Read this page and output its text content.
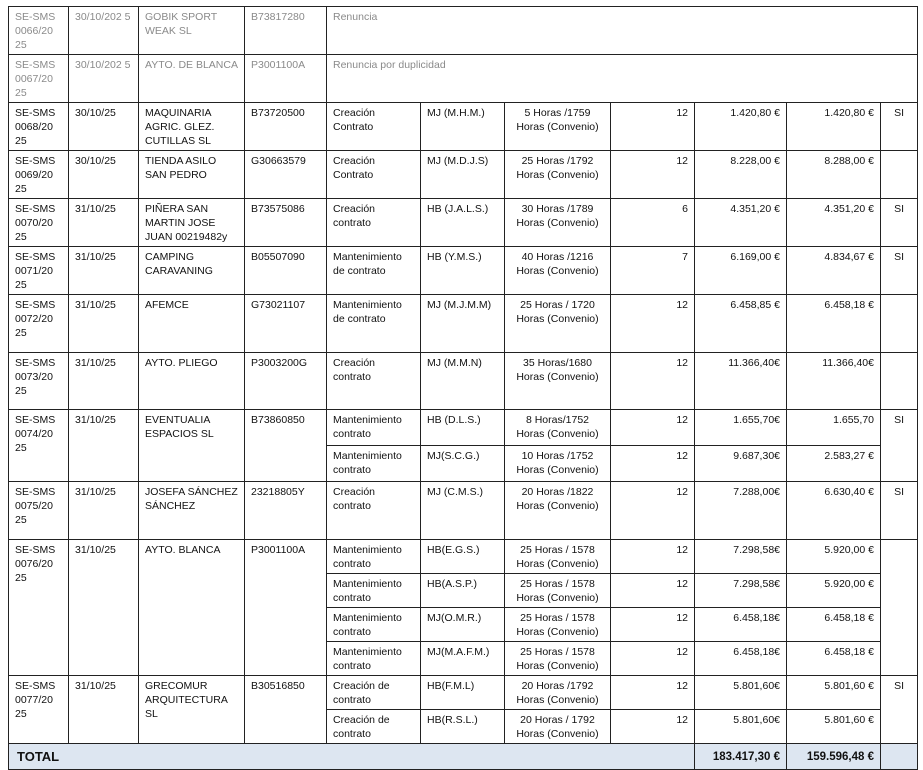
SE-SMS 0066/20 25	30/10/202 5	GOBIK SPORT WEAK SL	B73817280	Renuncia						
SE-SMS 0067/20 25	30/10/202 5	AYTO. DE BLANCA	P3001100A	Renuncia por duplicidad						
SE-SMS 0068/20 25	30/10/25	MAQUINARIA AGRIC. GLEZ. CUTILLAS SL	B73720500	Creación Contrato	MJ (M.H.M.)	5 Horas /1759 Horas (Convenio)	12	1.420,80 €	1.420,80 €	SI
SE-SMS 0069/20 25	30/10/25	TIENDA ASILO SAN PEDRO	G30663579	Creación Contrato	MJ (M.D.J.S)	25 Horas /1792 Horas (Convenio)	12	8.228,00 €	8.288,00 €	
SE-SMS 0070/20 25	31/10/25	PIÑERA SAN MARTIN JOSE JUAN 00219482y	B73575086	Creación contrato	HB (J.A.L.S.)	30 Horas /1789 Horas (Convenio)	6	4.351,20 €	4.351,20 €	SI
SE-SMS 0071/20 25	31/10/25	CAMPING CARAVANING	B05507090	Mantenimiento de contrato	HB (Y.M.S.)	40 Horas /1216 Horas (Convenio)	7	6.169,00 €	4.834,67 €	SI
SE-SMS 0072/20 25	31/10/25	AFEMCE	G73021107	Mantenimiento de contrato	MJ (M.J.M.M)	25 Horas / 1720 Horas (Convenio)	12	6.458,85 €	6.458,18 €	
SE-SMS 0073/20 25	31/10/25	AYTO. PLIEGO	P3003200G	Creación contrato	MJ (M.M.N)	35 Horas/1680 Horas (Convenio)	12	11.366,40€	11.366,40€	
SE-SMS 0074/20 25	31/10/25	EVENTUALIA ESPACIOS SL	B73860850	Mantenimiento contrato	HB (D.L.S.)	8 Horas/1752 Horas (Convenio)	12	1.655,70€	1.655,70	SI
				Mantenimiento contrato	MJ(S.C.G.)	10 Horas /1752 Horas (Convenio)	12	9.687,30€	2.583,27 €	
SE-SMS 0075/20 25	31/10/25	JOSEFA SÁNCHEZ SÁNCHEZ	23218805Y	Creación contrato	MJ (C.M.S.)	20 Horas /1822 Horas (Convenio)	12	7.288,00€	6.630,40 €	SI
SE-SMS 0076/20 25	31/10/25	AYTO. BLANCA	P3001100A	Mantenimiento contrato	HB(E.G.S.)	25 Horas / 1578 Horas (Convenio)	12	7.298,58€	5.920,00 €	
				Mantenimiento contrato	HB(A.S.P.)	25 Horas / 1578 Horas (Convenio)	12	7.298,58€	5.920,00 €	
				Mantenimiento contrato	MJ(O.M.R.)	25 Horas / 1578 Horas (Convenio)	12	6.458,18€	6.458,18 €	
				Mantenimiento contrato	MJ(M.A.F.M.)	25 Horas / 1578 Horas (Convenio)	12	6.458,18€	6.458,18 €	
SE-SMS 0077/20 25	31/10/25	GRECOMUR ARQUITECTURA SL	B30516850	Creación de contrato	HB(F.M.L)	20 Horas /1792 Horas (Convenio)	12	5.801,60€	5.801,60 €	SI
				Creación de contrato	HB(R.S.L.)	20 Horas / 1792 Horas (Convenio)	12	5.801,60€	5.801,60 €	
TOTAL								183.417,30 €	159.596,48 €	
